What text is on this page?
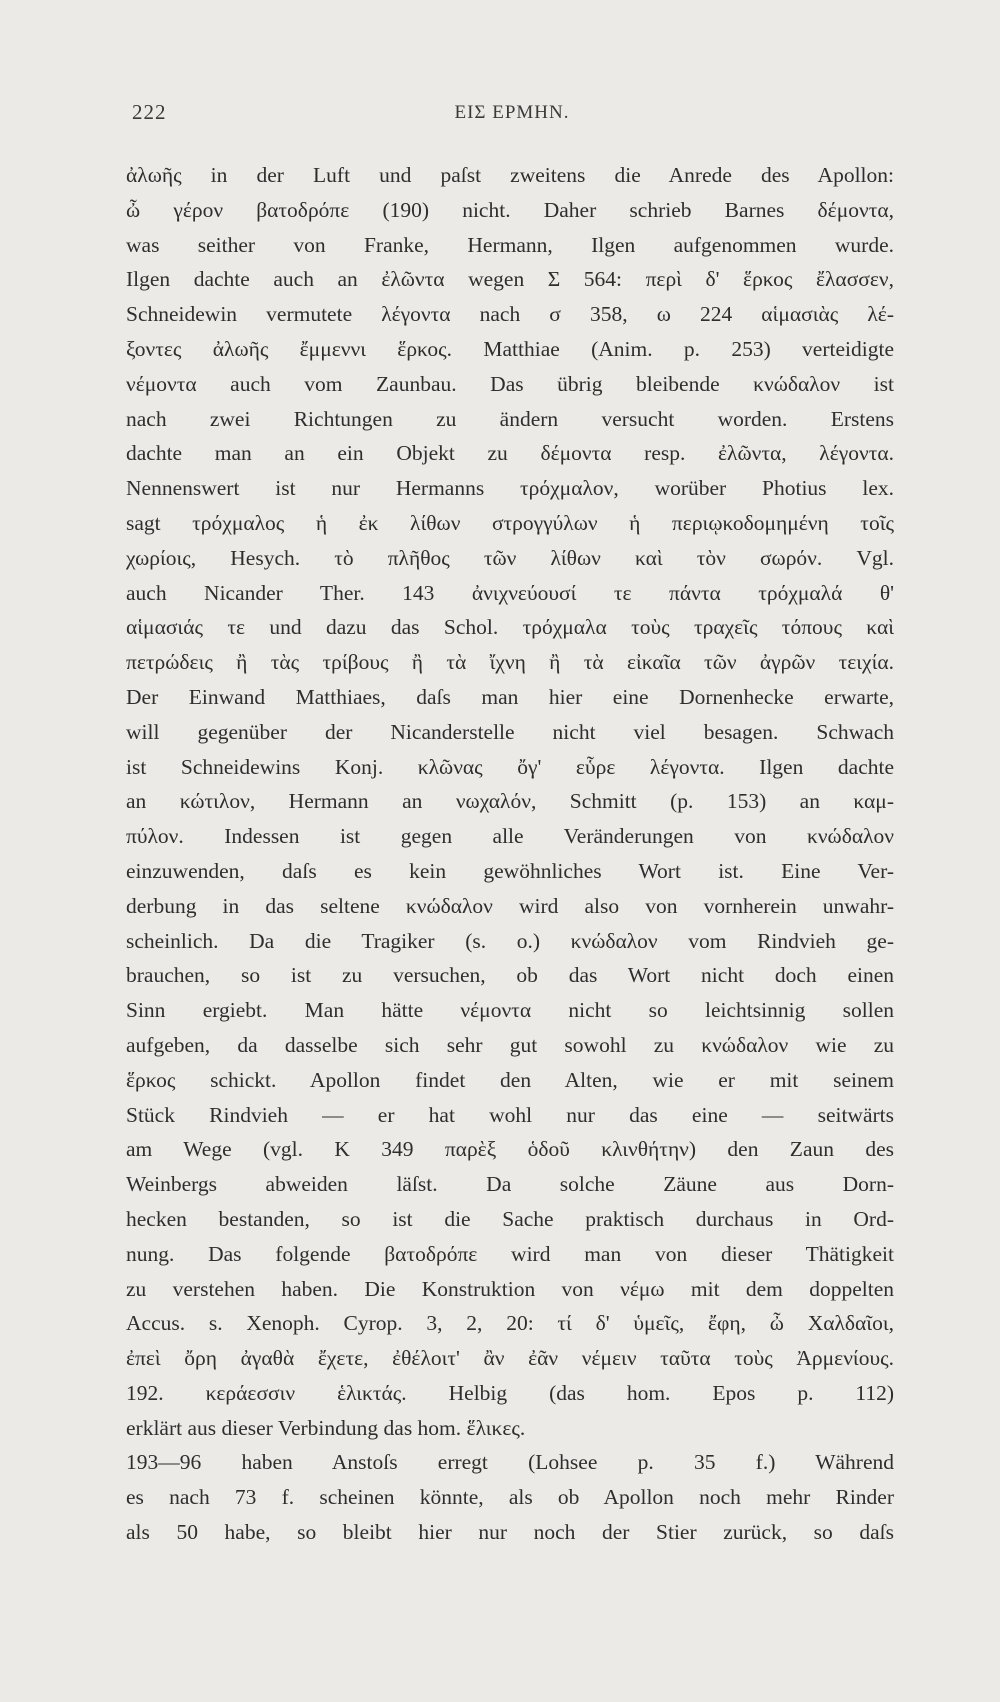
222	ΕΙΣ ΕΡΜΗΝ.
ἀλωῆς in der Luft und paſst zweitens die Anrede des Apollon:
ὦ γέρον βατοδρόπε (190) nicht. Daher schrieb Barnes δέμοντα,
was seither von Franke, Hermann, Ilgen aufgenommen wurde.
Ilgen dachte auch an ἐλῶντα wegen Σ 564: περὶ δ' ἕρκος ἔλασσεν,
Schneidewin vermutete λέγοντα nach σ 358, ω 224 αἱμασιὰς λέ-
ξοντες ἀλωῆς ἔμμεννι ἕρκος. Matthiae (Anim. p. 253) verteidigte
νέμοντα auch vom Zaunbau. Das übrig bleibende κνώδαλον ist
nach zwei Richtungen zu ändern versucht worden. Erstens
dachte man an ein Objekt zu δέμοντα resp. ἐλῶντα, λέγοντα.
Nennenswert ist nur Hermanns τρόχμαλον, worüber Photius lex.
sagt τρόχμαλος ἡ ἐκ λίθων στρογγύλων ἡ περιῳκοδομημένη τοῖς
χωρίοις, Hesych. τὸ πλῆθος τῶν λίθων καὶ τὸν σωρόν. Vgl.
auch Nicander Ther. 143 ἀνιχνεύουσί τε πάντα τρόχμαλά θ'
αἱμασιάς τε und dazu das Schol. τρόχμαλα τοὺς τραχεῖς τόπους καὶ
πετρώδεις ἢ τὰς τρίβους ἢ τὰ ἴχνη ἢ τὰ εἰκαῖα τῶν ἀγρῶν τειχία.
Der Einwand Matthiaes, daſs man hier eine Dornenhecke erwarte,
will gegenüber der Nicanderstelle nicht viel besagen. Schwach
ist Schneidewins Konj. κλῶνας ὄγ' εὗρε λέγοντα. Ilgen dachte
an κώτιλον, Hermann an νωχαλόν, Schmitt (p. 153) an καμ-
πύλον. Indessen ist gegen alle Veränderungen von κνώδαλον
einzuwenden, daſs es kein gewöhnliches Wort ist. Eine Ver-
derbung in das seltene κνώδαλον wird also von vornherein unwahr-
scheinlich. Da die Tragiker (s. o.) κνώδαλον vom Rindvieh ge-
brauchen, so ist zu versuchen, ob das Wort nicht doch einen
Sinn ergiebt. Man hätte νέμοντα nicht so leichtsinnig sollen
aufgeben, da dasselbe sich sehr gut sowohl zu κνώδαλον wie zu
ἕρκος schickt. Apollon findet den Alten, wie er mit seinem
Stück Rindvieh — er hat wohl nur das eine — seitwärts
am Wege (vgl. K 349 παρὲξ ὁδοῦ κλινθήτην) den Zaun des
Weinbergs abweiden läſst. Da solche Zäune aus Dorn-
hecken bestanden, so ist die Sache praktisch durchaus in Ord-
nung. Das folgende βατοδρόπε wird man von dieser Thätigkeit
zu verstehen haben. Die Konstruktion von νέμω mit dem doppelten
Accus. s. Xenoph. Cyrop. 3, 2, 20: τί δ' ὑμεῖς, ἔφη, ὦ Χαλδαῖοι,
ἐπεὶ ὄρη ἀγαθὰ ἔχετε, ἐθέλοιτ' ἂν ἐᾶν νέμειν ταῦτα τοὺς Ἀρμενίους.
192. κεράεσσιν ἑλικτάς. Helbig (das hom. Epos p. 112)
erklärt aus dieser Verbindung das hom. ἕλικες.
193—96 haben Anstoſs erregt (Lohsee p. 35 f.) Während
es nach 73 f. scheinen könnte, als ob Apollon noch mehr Rinder
als 50 habe, so bleibt hier nur noch der Stier zurück, so daſs
